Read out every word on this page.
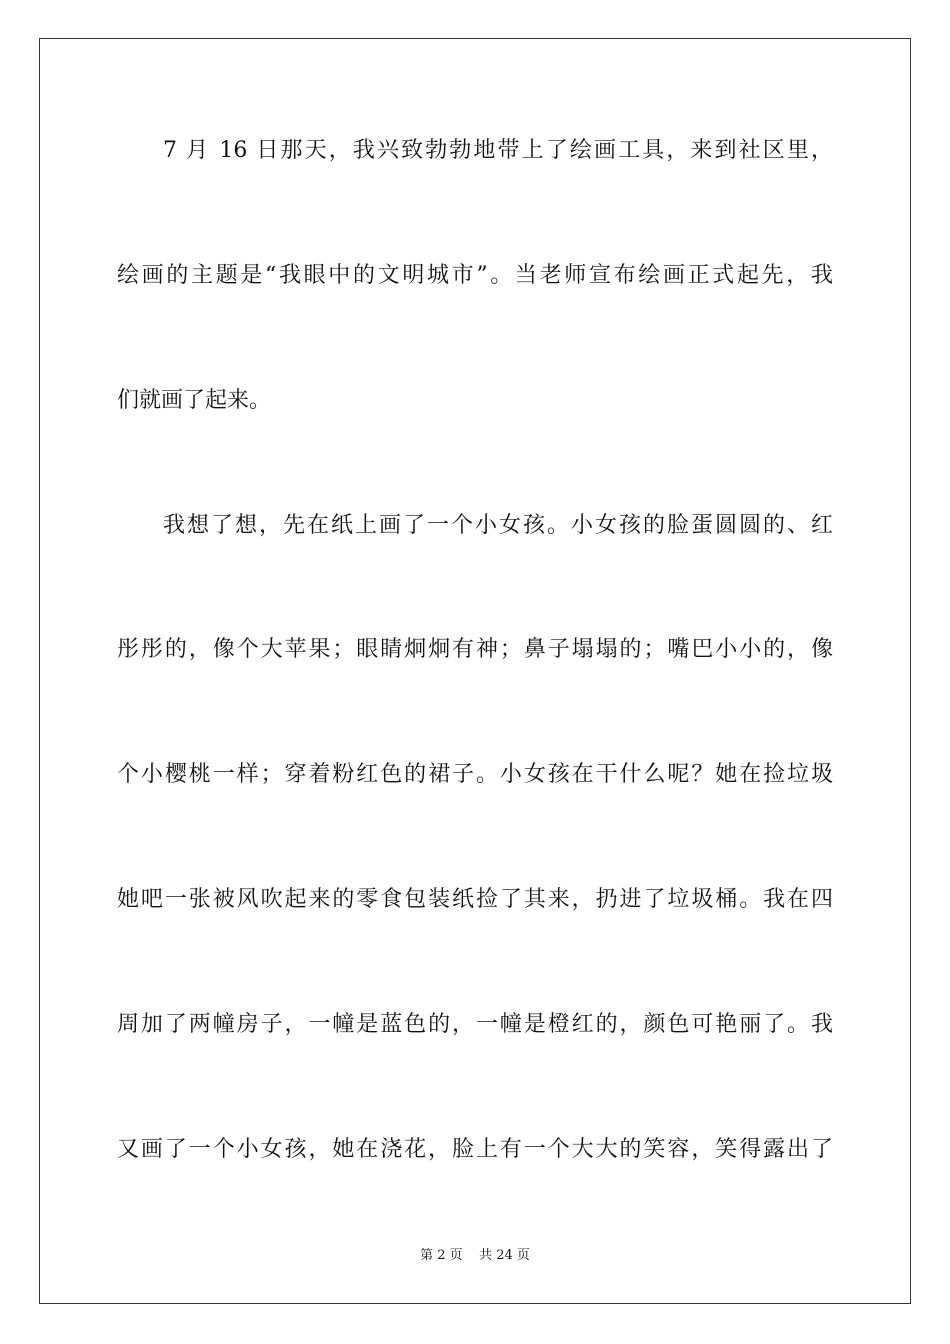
7 月 16 日那天，我兴致勃勃地带上了绘画工具，来到社区里，
绘画的主题是“我眼中的文明城市”。当老师宣布绘画正式起先，我
们就画了起来。
我想了想，先在纸上画了一个小女孩。小女孩的脸蛋圆圆的、红
彤彤的，像个大苹果；眼睛炯炯有神；鼻子塌塌的；嘴巴小小的，像
个小樱桃一样；穿着粉红色的裙子。小女孩在干什么呢？她在捡垃圾
她吧一张被风吹起来的零食包装纸捡了其来，扔进了垃圾桶。我在四
周加了两幢房子，一幢是蓝色的，一幢是橙红的，颜色可艳丽了。我
又画了一个小女孩，她在浇花，脸上有一个大大的笑容，笑得露出了
第 2 页    共 24 页
